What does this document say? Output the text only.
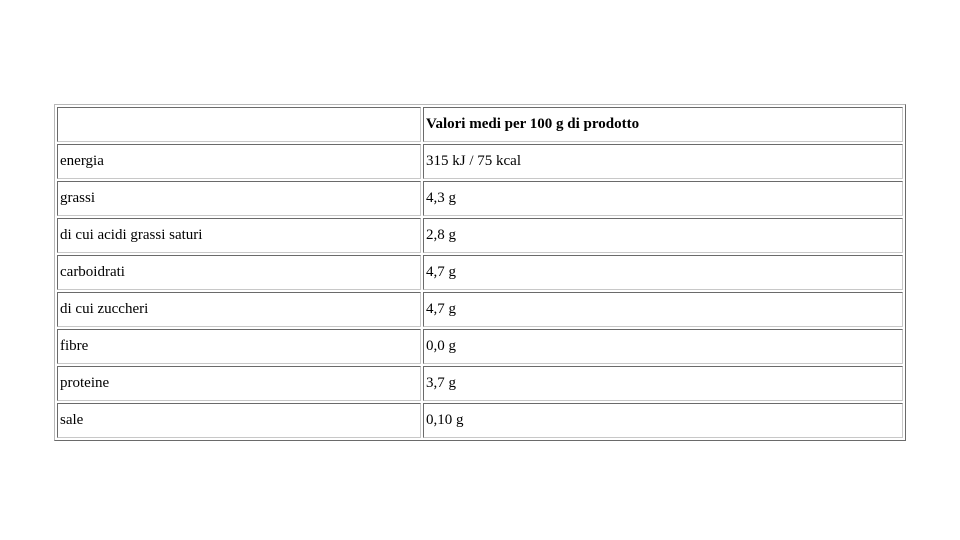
	Valori medi per 100 g di prodotto
energia	315 kJ / 75 kcal
grassi	4,3 g
di cui acidi grassi saturi	2,8 g
carboidrati	4,7 g
di cui zuccheri	4,7 g
fibre	0,0 g
proteine	3,7 g
sale	0,10 g
